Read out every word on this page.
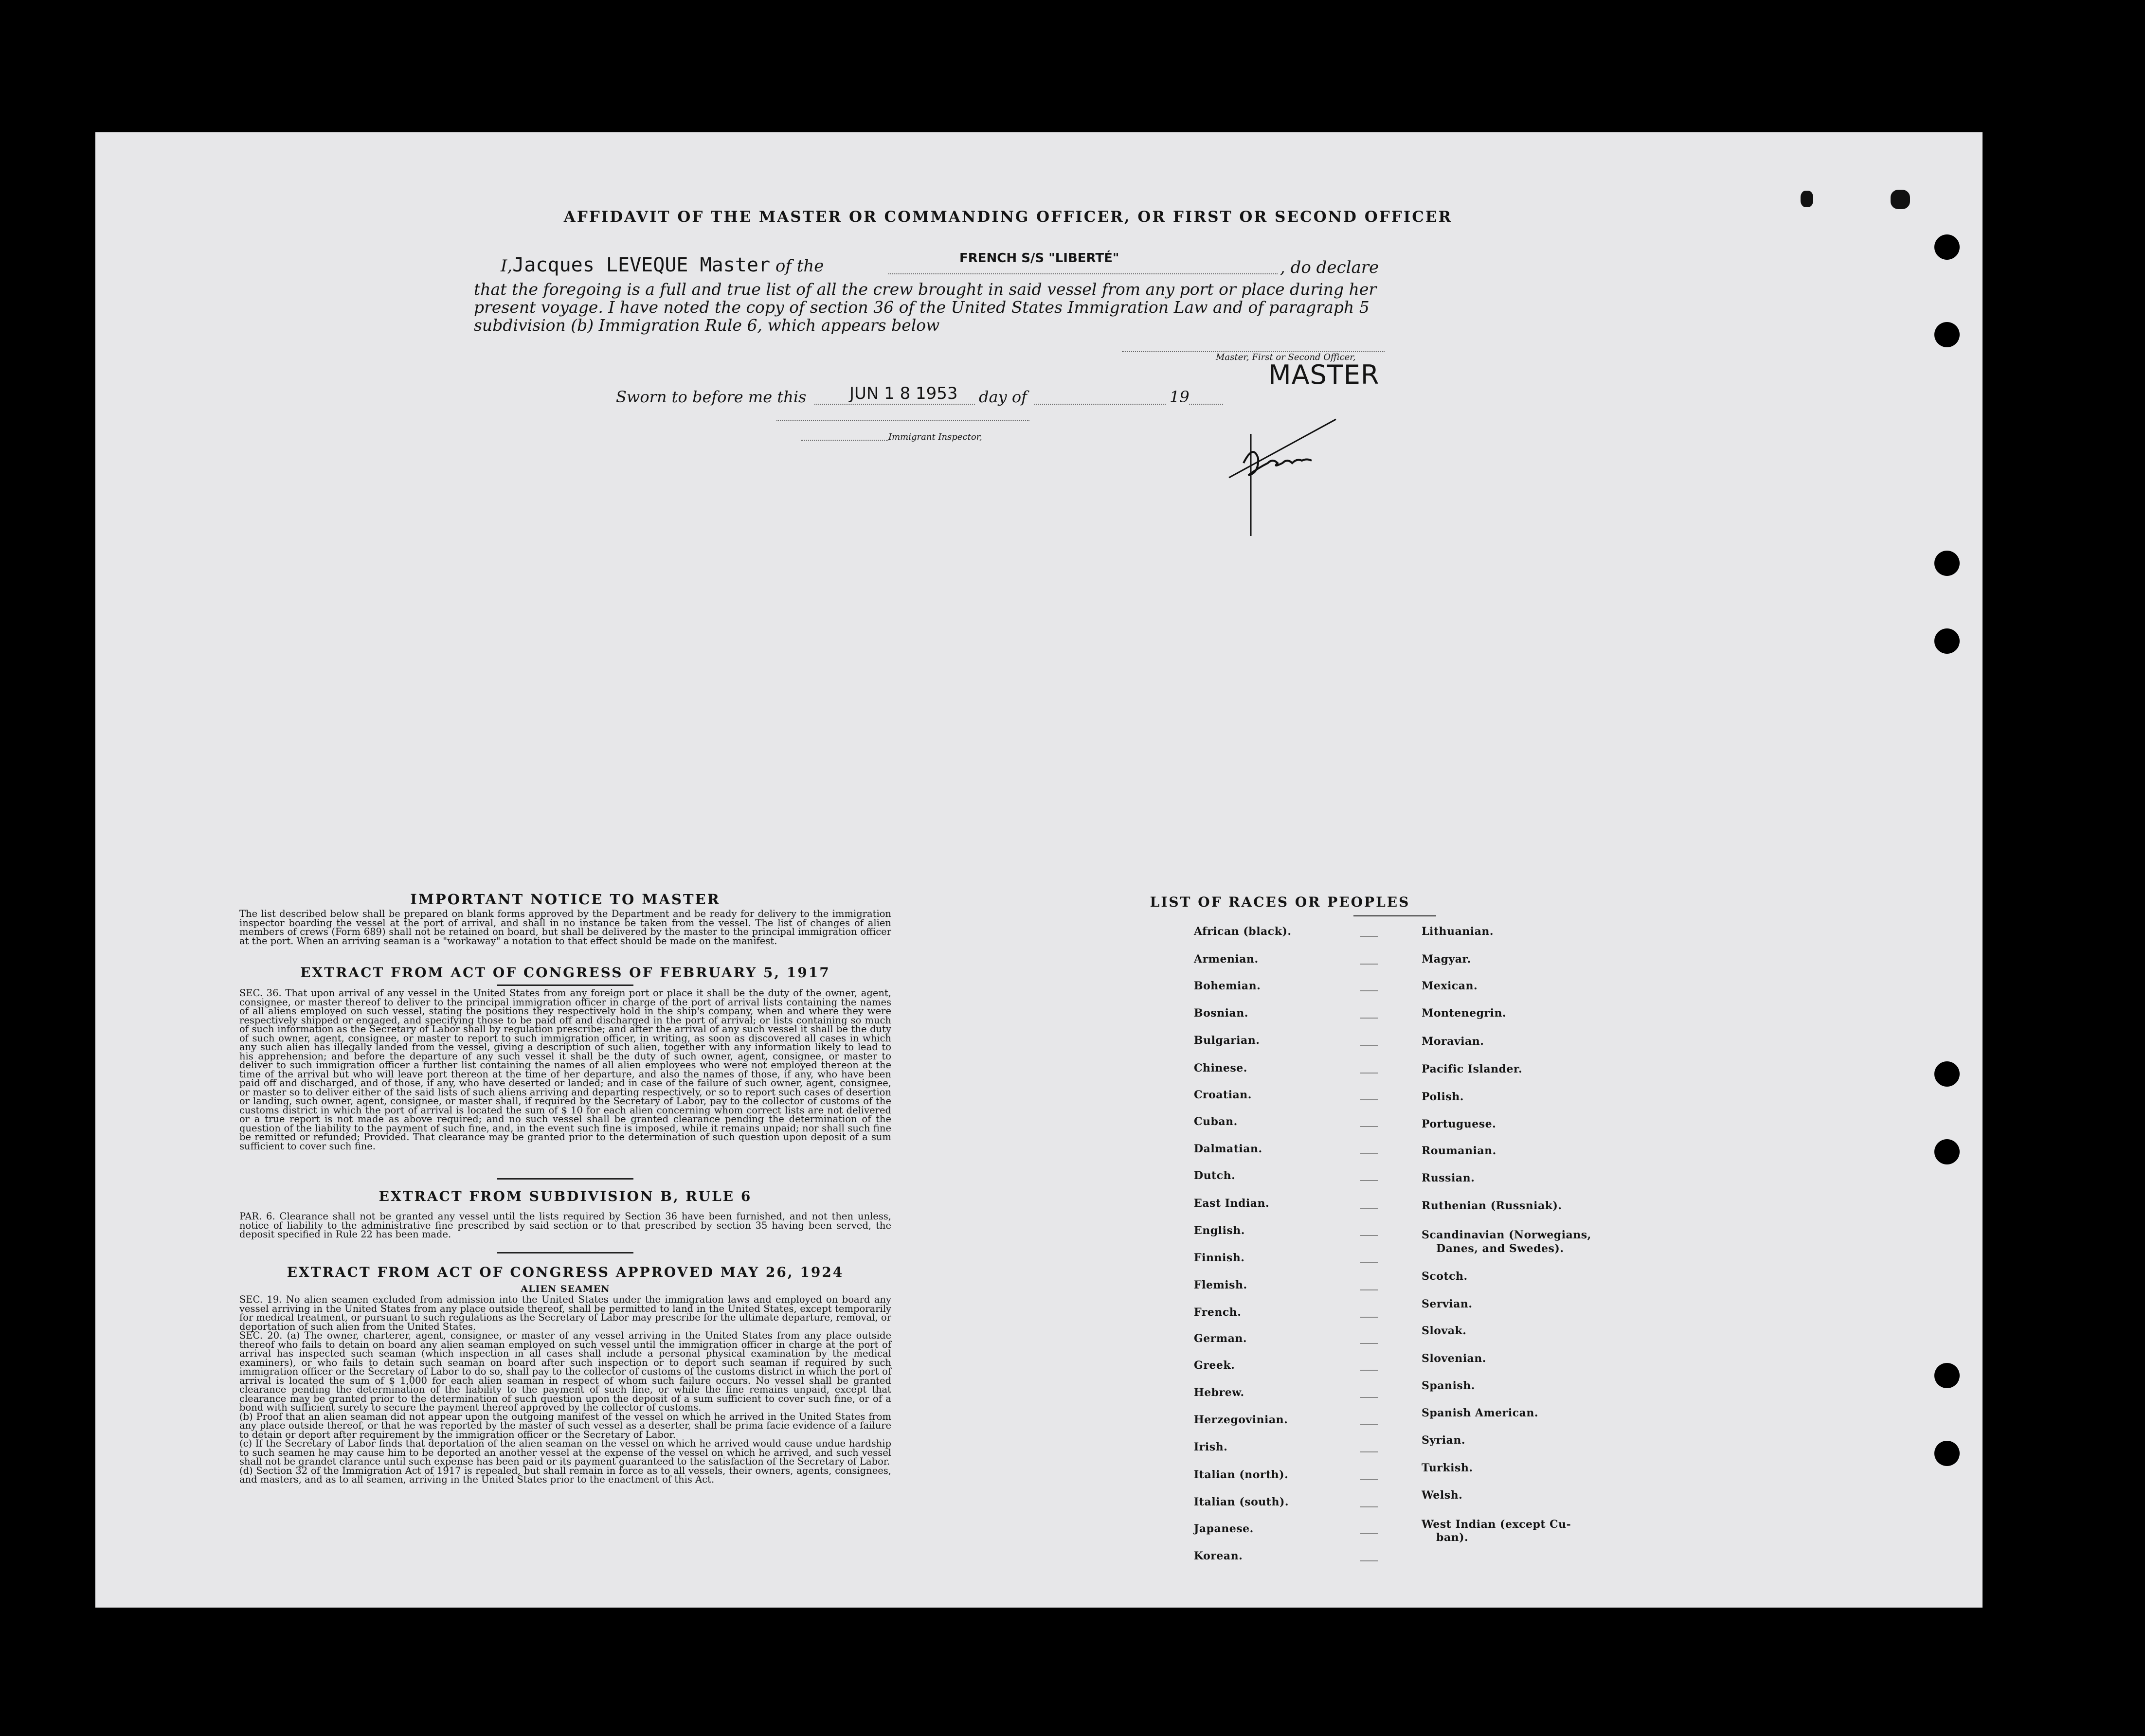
AFFIDAVIT OF THE MASTER OR COMMANDING OFFICER, OR FIRST OR SECOND OFFICER
I,Jacques LEVEQUE Master of the	FRENCH S/S "LIBERTÉ"	, do declare
that the foregoing is a full and true list of all the crew brought in said vessel from any port or place during her
present voyage. I have noted the copy of section 36 of the United States Immigration Law and of paragraph 5
subdivision (b) Immigration Rule 6, which appears below
Master, First or Second Officer,
MASTER
Sworn to before me this	JUN 1 8 1953 day of	19
Immigrant Inspector,
IMPORTANT NOTICE TO MASTER
The list described below shall be prepared on blank forms approved by the Department and be ready for delivery to the immigration inspector boarding the vessel at the port of arrival, and shall in no instance be taken from the vessel. The list of changes of alien members of crews (Form 689) shall not be retained on board, but shall be delivered by the master to the principal immigration officer at the port. When an arriving seaman is a "workaway" a notation to that effect should be made on the manifest.
EXTRACT FROM ACT OF CONGRESS OF FEBRUARY 5, 1917
SEC. 36. That upon arrival of any vessel in the United States from any foreign port or place it shall be the duty of the owner, agent, consignee, or master thereof to deliver to the principal immigration officer in charge of the port of arrival lists containing the names of all aliens employed on such vessel, stating the positions they respectively hold in the ship's company, when and where they were respectively shipped or engaged, and specifying those to be paid off and discharged in the port of arrival; or lists containing so much of such information as the Secretary of Labor shall by regulation prescribe; and after the arrival of any such vessel it shall be the duty of such owner, agent, consignee, or master to report to such immigration officer, in writing, as soon as discovered all cases in which any such alien has illegally landed from the vessel, giving a description of such alien, together with any information likely to lead to his apprehension; and before the departure of any such vessel it shall be the duty of such owner, agent, consignee, or master to deliver to such immigration officer a further list containing the names of all alien employees who were not employed thereon at the time of the arrival but who will leave port thereon at the time of her departure, and also the names of those, if any, who have been paid off and discharged, and of those, if any, who have deserted or landed; and in case of the failure of such owner, agent, consignee, or master so to deliver either of the said lists of such aliens arriving and departing respectively, or so to report such cases of desertion or landing, such owner, agent, consignee, or master shall, if required by the Secretary of Labor, pay to the collector of customs of the customs district in which the port of arrival is located the sum of $ 10 for each alien concerning whom correct lists are not delivered or a true report is not made as above required; and no such vessel shall be granted clearance pending the determination of the question of the liability to the payment of such fine, and, in the event such fine is imposed, while it remains unpaid; nor shall such fine be remitted or refunded; Provided. That clearance may be granted prior to the determination of such question upon deposit of a sum sufficient to cover such fine.
EXTRACT FROM SUBDIVISION B, RULE 6
PAR. 6. Clearance shall not be granted any vessel until the lists required by Section 36 have been furnished, and not then unless, notice of liability to the administrative fine prescribed by said section or to that prescribed by section 35 having been served, the deposit specified in Rule 22 has been made.
EXTRACT FROM ACT OF CONGRESS APPROVED MAY 26, 1924
ALIEN SEAMEN
SEC. 19. No alien seamen excluded from admission into the United States under the immigration laws and employed on board any vessel arriving in the United States from any place outside thereof, shall be permitted to land in the United States, except temporarily for medical treatment, or pursuant to such regulations as the Secretary of Labor may prescribe for the ultimate departure, removal, or deportation of such alien from the United States.
SEC. 20. (a) The owner, charterer, agent, consignee, or master of any vessel arriving in the United States from any place outside thereof who fails to detain on board any alien seaman employed on such vessel until the immigration officer in charge at the port of arrival has inspected such seaman (which inspection in all cases shall include a personal physical examination by the medical examiners), or who fails to detain such seaman on board after such inspection or to deport such seaman if required by such immigration officer or the Secretary of Labor to do so, shall pay to the collector of customs of the customs district in which the port of arrival is located the sum of $ 1,000 for each alien seaman in respect of whom such failure occurs. No vessel shall be granted clearance pending the determination of the liability to the payment of such fine, or while the fine remains unpaid, except that clearance may be granted prior to the determination of such question upon the deposit of a sum sufficient to cover such fine, or of a bond with sufficient surety to secure the payment thereof approved by the collector of customs.
(b) Proof that an alien seaman did not appear upon the outgoing manifest of the vessel on which he arrived in the United States from any place outside thereof, or that he was reported by the master of such vessel as a deserter, shall be prima facie evidence of a failure to detain or deport after requirement by the immigration officer or the Secretary of Labor.
(c) If the Secretary of Labor finds that deportation of the alien seaman on the vessel on which he arrived would cause undue hardship to such seamen he may cause him to be deported an another vessel at the expense of the vessel on which he arrived, and such vessel shall not be grandet clarance until such expense has been paid or its payment guaranteed to the satisfaction of the Secretary of Labor.
(d) Section 32 of the Immigration Act of 1917 is repealed, but shall remain in force as to all vessels, their owners, agents, consignees, and masters, and as to all seamen, arriving in the United States prior to the enactment of this Act.
LIST OF RACES OR PEOPLES
African (black).
Armenian.
Bohemian.
Bosnian.
Bulgarian.
Chinese.
Croatian.
Cuban.
Dalmatian.
Dutch.
East Indian.
English.
Finnish.
Flemish.
French.
German.
Greek.
Hebrew.
Herzegovinian.
Irish.
Italian (north).
Italian (south).
Japanese.
Korean.
Lithuanian.
Magyar.
Mexican.
Montenegrin.
Moravian.
Pacific Islander.
Polish.
Portuguese.
Roumanian.
Russian.
Ruthenian (Russniak).
Scandinavian (Norwegians,
Danes, and Swedes).
Scotch.
Servian.
Slovak.
Slovenian.
Spanish.
Spanish American.
Syrian.
Turkish.
Welsh.
West Indian (except Cu-
ban).
